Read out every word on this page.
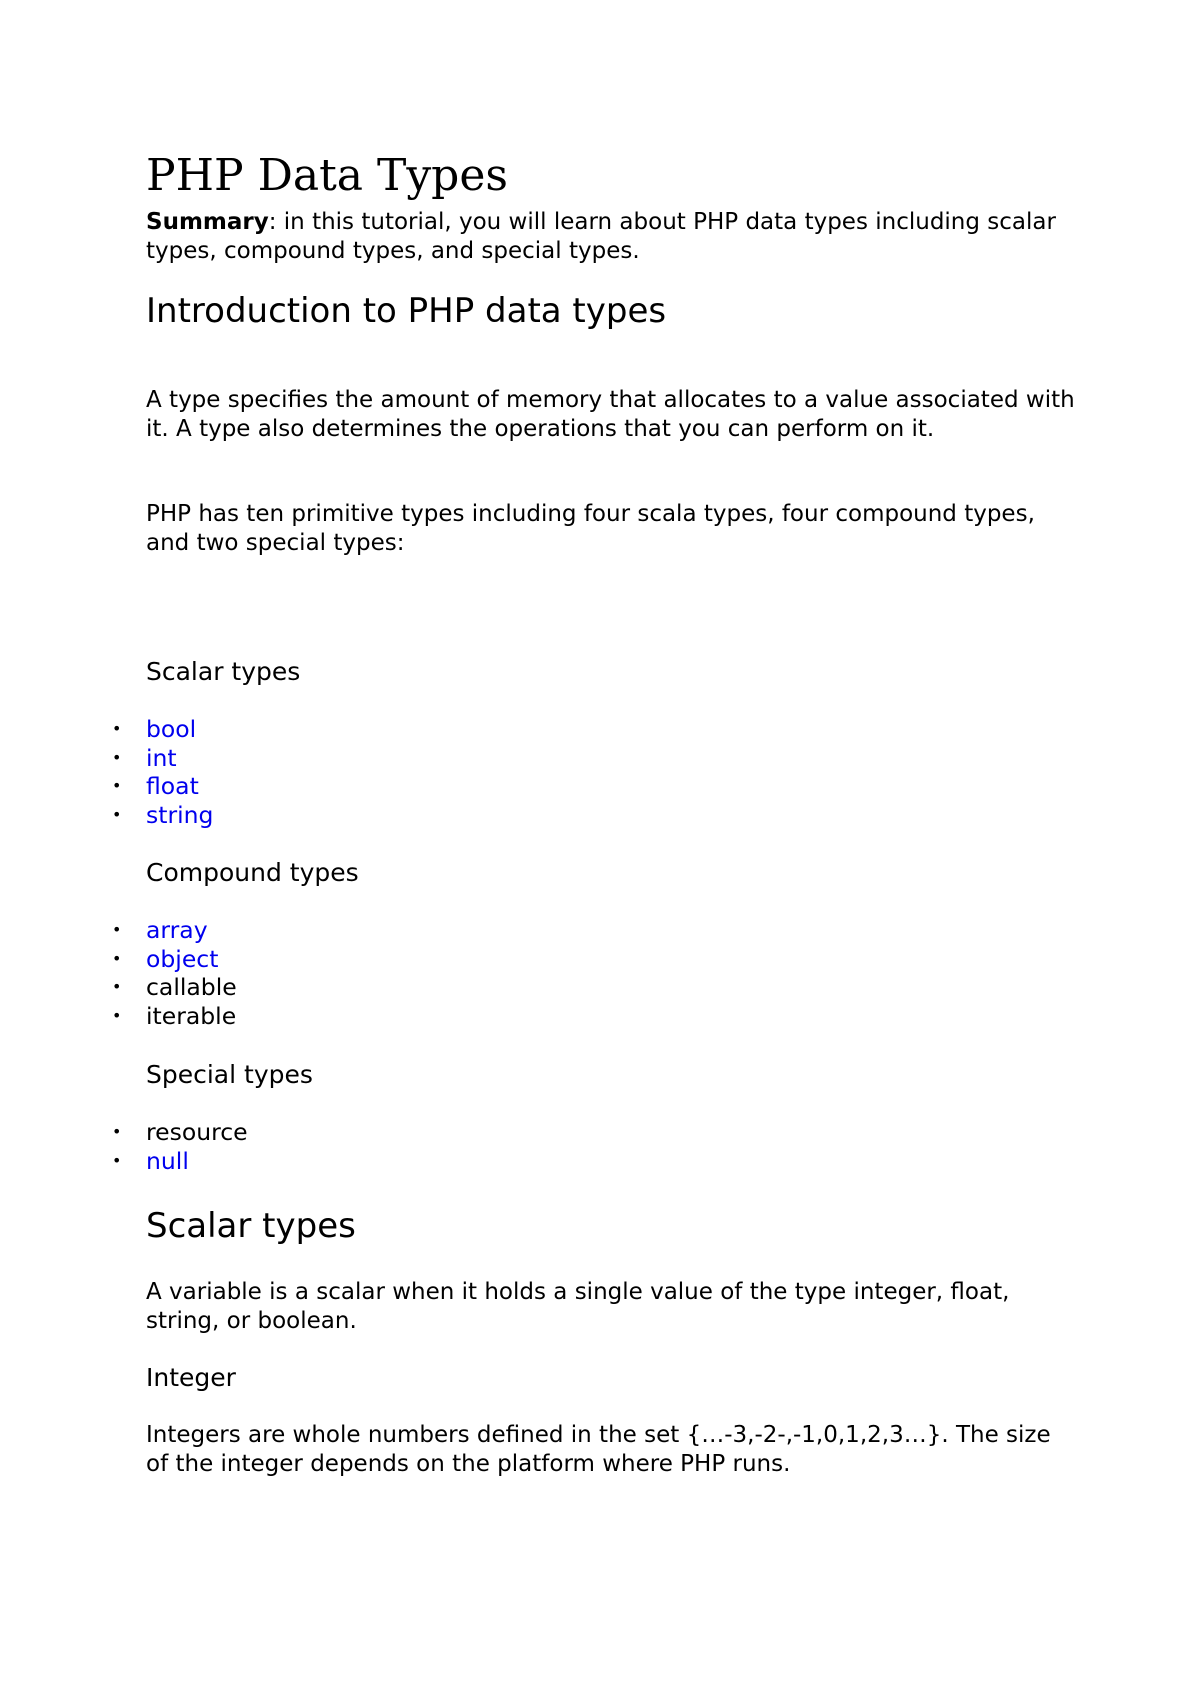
PHP Data Types

Summary: in this tutorial, you will learn about PHP data types including scalar types, compound types, and special types.

Introduction to PHP data types

A type specifies the amount of memory that allocates to a value associated with it. A type also determines the operations that you can perform on it.

PHP has ten primitive types including four scala types, four compound types, and two special types:

Scalar types
• bool
• int
• float
• string
Compound types
• array
• object
• callable
• iterable
Special types
• resource
• null
Scalar types

A variable is a scalar when it holds a single value of the type integer, float, string, or boolean.

Integer

Integers are whole numbers defined in the set {…-3,-2-,-1,0,1,2,3…}. The size of the integer depends on the platform where PHP runs.
